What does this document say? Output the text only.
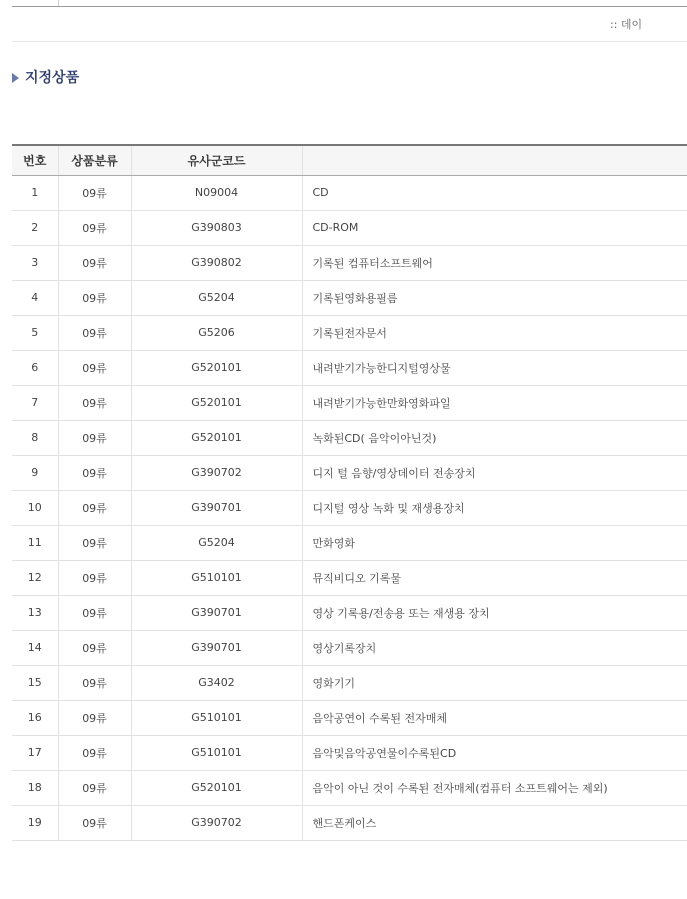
:: 데이
지정상품
번호	상품분류	유사군코드	
1	09류	N09004	CD
2	09류	G390803	CD-ROM
3	09류	G390802	기록된 컴퓨터소프트웨어
4	09류	G5204	기록된영화용필름
5	09류	G5206	기록된전자문서
6	09류	G520101	내려받기가능한디지털영상물
7	09류	G520101	내려받기가능한만화영화파일
8	09류	G520101	녹화된CD( 음악이아닌것)
9	09류	G390702	디지 털 음향/영상데이터 전송장치
10	09류	G390701	디지털 영상 녹화 및 재생용장치
11	09류	G5204	만화영화
12	09류	G510101	뮤직비디오 기록물
13	09류	G390701	영상 기록용/전송용 또는 재생용 장치
14	09류	G390701	영상기록장치
15	09류	G3402	영화기기
16	09류	G510101	음악공연이 수록된 전자매체
17	09류	G510101	음악및음악공연물이수록된CD
18	09류	G520101	음악이 아닌 것이 수록된 전자매체(컴퓨터 소프트웨어는 제외)
19	09류	G390702	핸드폰케이스
